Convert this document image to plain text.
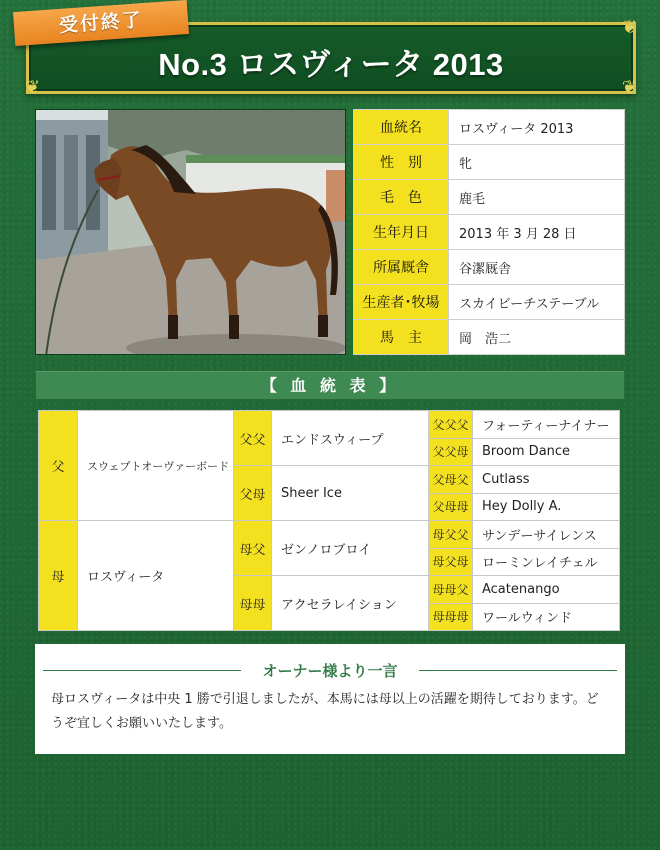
受付終了	❦
❦	❦
No.3 ロスヴィータ 2013
血統名	ロスヴィータ 2013
性　別	牝
毛　色	鹿毛
生年月日	2013 年 3 月 28 日
所属厩舎	谷潔厩舎
生産者･牧場	スカイビーチステーブル
馬　主	岡　浩二
【 血 統 表 】
父	スウェプトオーヴァーボード	父父	エンドスウィープ	父父父	フォーティーナイナー
				父父母	Broom Dance
		父母	Sheer Ice	父母父	Cutlass
				父母母	Hey Dolly A.
母	ロスヴィータ	母父	ゼンノロブロイ	母父父	サンデーサイレンス
				母父母	ローミンレイチェル
		母母	アクセラレイション	母母父	Acatenango
				母母母	ワールウィンド
オーナー様より一言
母ロスヴィータは中央 1 勝で引退しましたが、本馬には母以上の活躍を期待しております。どうぞ宜しくお願いいたします。
